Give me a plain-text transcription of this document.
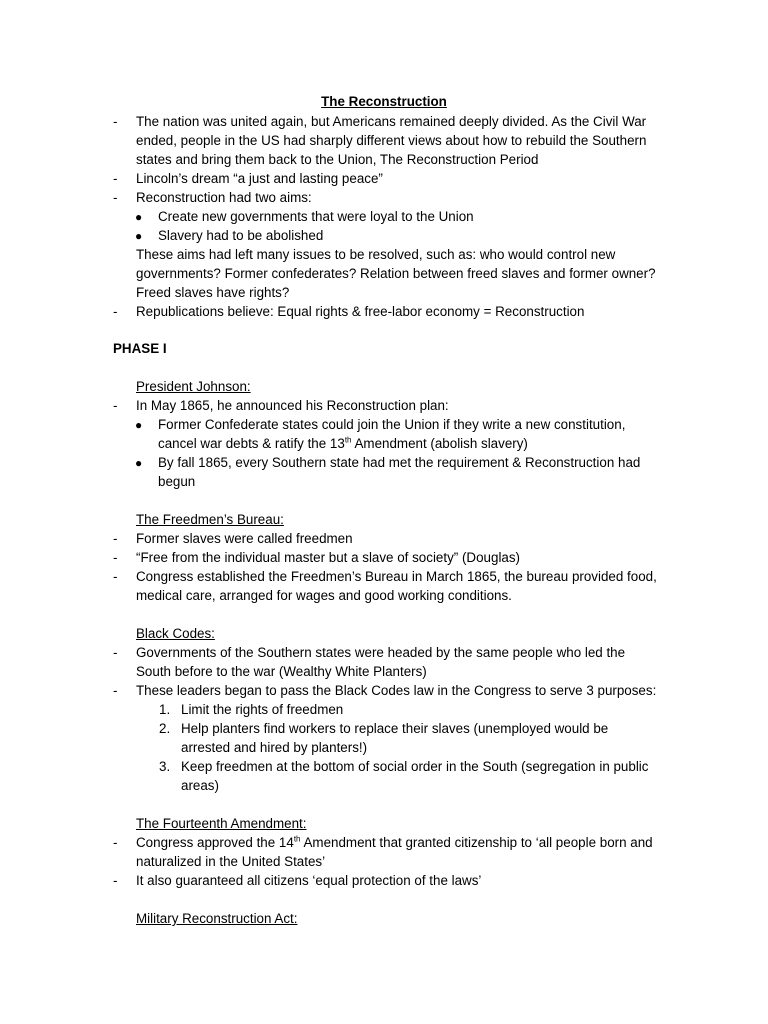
The Reconstruction
- The nation was united again, but Americans remained deeply divided. As the Civil War
ended, people in the US had sharply different views about how to rebuild the Southern
states and bring them back to the Union, The Reconstruction Period
- Lincoln’s dream “a just and lasting peace”
- Reconstruction had two aims:
● Create new governments that were loyal to the Union
● Slavery had to be abolished
These aims had left many issues to be resolved, such as: who would control new
governments? Former confederates? Relation between freed slaves and former owner?
Freed slaves have rights?
- Republications believe: Equal rights & free-labor economy = Reconstruction
PHASE I
President Johnson:
- In May 1865, he announced his Reconstruction plan:
● Former Confederate states could join the Union if they write a new constitution,
cancel war debts & ratify the 13th Amendment (abolish slavery)
● By fall 1865, every Southern state had met the requirement & Reconstruction had
begun
The Freedmen’s Bureau:
- Former slaves were called freedmen
- “Free from the individual master but a slave of society” (Douglas)
- Congress established the Freedmen’s Bureau in March 1865, the bureau provided food,
medical care, arranged for wages and good working conditions.
Black Codes:
- Governments of the Southern states were headed by the same people who led the
South before to the war (Wealthy White Planters)
- These leaders began to pass the Black Codes law in the Congress to serve 3 purposes:
1. Limit the rights of freedmen
2. Help planters find workers to replace their slaves (unemployed would be
arrested and hired by planters!)
3. Keep freedmen at the bottom of social order in the South (segregation in public
areas)
The Fourteenth Amendment:
- Congress approved the 14th Amendment that granted citizenship to ‘all people born and
naturalized in the United States’
- It also guaranteed all citizens ‘equal protection of the laws’
Military Reconstruction Act:
